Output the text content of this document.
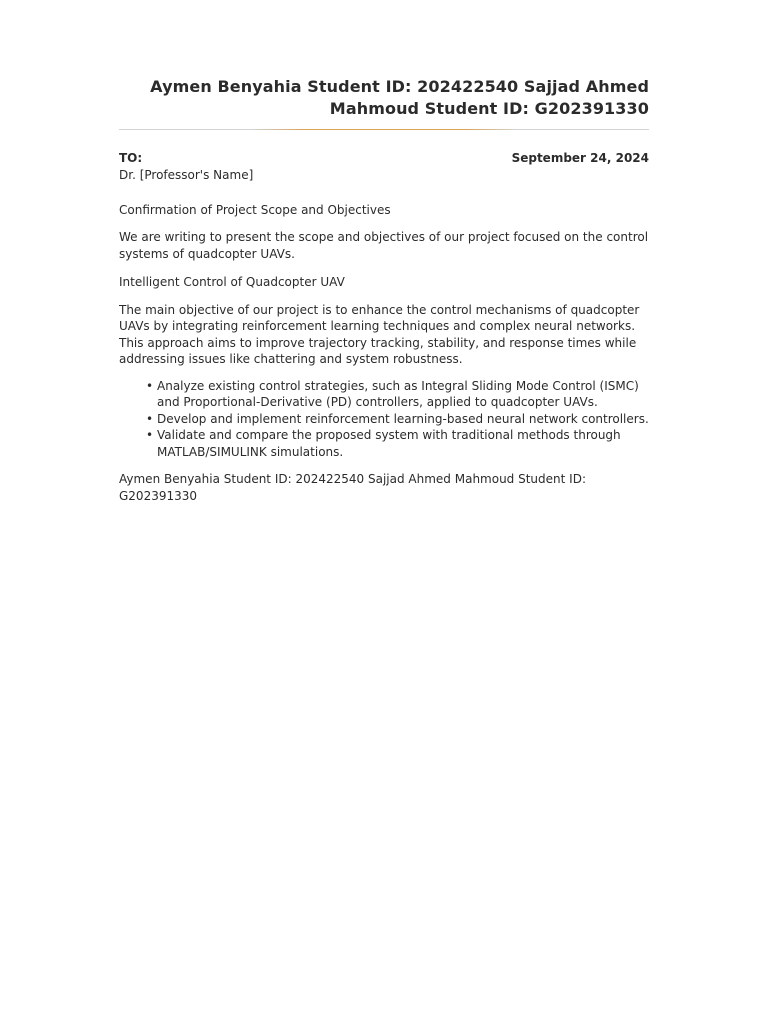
Aymen Benyahia Student ID: 202422540 Sajjad Ahmed Mahmoud Student ID: G202391330
TO:	September 24, 2024
Dr. [Professor's Name]
Confirmation of Project Scope and Objectives

We are writing to present the scope and objectives of our project focused on the control systems of quadcopter UAVs.

Intelligent Control of Quadcopter UAV

The main objective of our project is to enhance the control mechanisms of quadcopter UAVs by integrating reinforcement learning techniques and complex neural networks. This approach aims to improve trajectory tracking, stability, and response times while addressing issues like chattering and system robustness.

• Analyze existing control strategies, such as Integral Sliding Mode Control (ISMC) and Proportional-Derivative (PD) controllers, applied to quadcopter UAVs.
• Develop and implement reinforcement learning-based neural network controllers.
• Validate and compare the proposed system with traditional methods through MATLAB/SIMULINK simulations.
Aymen Benyahia Student ID: 202422540 Sajjad Ahmed Mahmoud Student ID: G202391330
